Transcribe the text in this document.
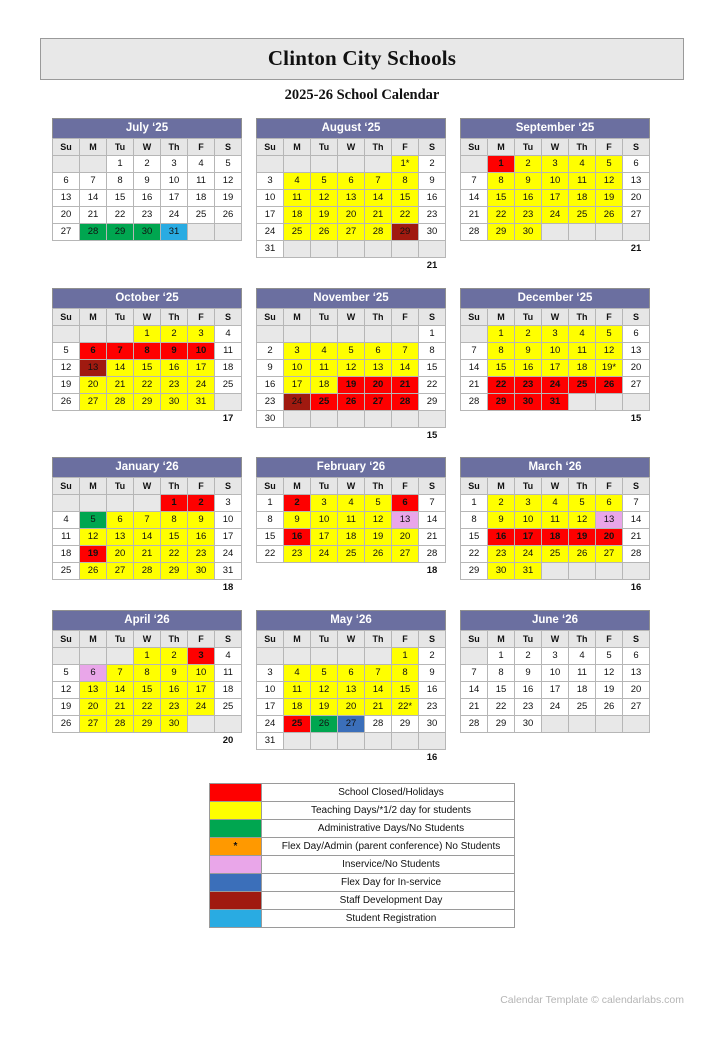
Clinton City Schools
2025-26 School Calendar
July ‘25
Su	M	Tu	W	Th	F	S
		1	2	3	4	5
6	7	8	9	10	11	12
13	14	15	16	17	18	19
20	21	22	23	24	25	26
27	28	29	30	31		

August ‘25
Su	M	Tu	W	Th	F	S
					1*	2
3	4	5	6	7	8	9
10	11	12	13	14	15	16
17	18	19	20	21	22	23
24	25	26	27	28	29	30
31						
						21
September ‘25
Su	M	Tu	W	Th	F	S
	1	2	3	4	5	6
7	8	9	10	11	12	13
14	15	16	17	18	19	20
21	22	23	24	25	26	27
28	29	30				
						21
October ‘25
Su	M	Tu	W	Th	F	S
			1	2	3	4
5	6	7	8	9	10	11
12	13	14	15	16	17	18
19	20	21	22	23	24	25
26	27	28	29	30	31	
						17
November ‘25
Su	M	Tu	W	Th	F	S
						1
2	3	4	5	6	7	8
9	10	11	12	13	14	15
16	17	18	19	20	21	22
23	24	25	26	27	28	29
30						
						15
December ‘25
Su	M	Tu	W	Th	F	S
	1	2	3	4	5	6
7	8	9	10	11	12	13
14	15	16	17	18	19*	20
21	22	23	24	25	26	27
28	29	30	31			
						15
January ‘26
Su	M	Tu	W	Th	F	S
				1	2	3
4	5	6	7	8	9	10
11	12	13	14	15	16	17
18	19	20	21	22	23	24
25	26	27	28	29	30	31
						18
February ‘26
Su	M	Tu	W	Th	F	S
1	2	3	4	5	6	7
8	9	10	11	12	13	14
15	16	17	18	19	20	21
22	23	24	25	26	27	28
						18
March ‘26
Su	M	Tu	W	Th	F	S
1	2	3	4	5	6	7
8	9	10	11	12	13	14
15	16	17	18	19	20	21
22	23	24	25	26	27	28
29	30	31				
						16
April ‘26
Su	M	Tu	W	Th	F	S
			1	2	3	4
5	6	7	8	9	10	11
12	13	14	15	16	17	18
19	20	21	22	23	24	25
26	27	28	29	30		
						20
May ‘26
Su	M	Tu	W	Th	F	S
					1	2
3	4	5	6	7	8	9
10	11	12	13	14	15	16
17	18	19	20	21	22*	23
24	25	26	27	28	29	30
31						
						16
June ‘26
Su	M	Tu	W	Th	F	S
	1	2	3	4	5	6
7	8	9	10	11	12	13
14	15	16	17	18	19	20
21	22	23	24	25	26	27
28	29	30				

	School Closed/Holidays
	Teaching Days/*1/2 day for students
	Administrative Days/No Students
*	Flex Day/Admin (parent conference) No Students
	Inservice/No Students
	Flex Day for In-service
	Staff Development Day
	Student Registration
Calendar Template © calendarlabs.com
